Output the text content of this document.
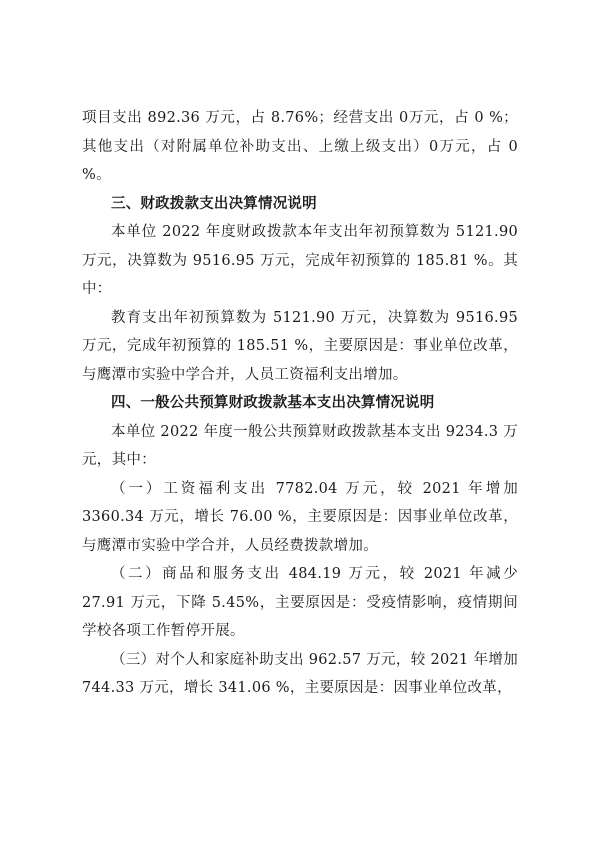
项目支出 892.36 万元，占 8.76%；经营支出 0万元，占 0 %；其他支出（对附属单位补助支出、上缴上级支出）0万元，占 0 %。

三、财政拨款支出决算情况说明

本单位 2022 年度财政拨款本年支出年初预算数为 5121.90 万元，决算数为 9516.95 万元，完成年初预算的 185.81 %。其中：

教育支出年初预算数为 5121.90 万元，决算数为 9516.95 万元，完成年初预算的 185.51 %，主要原因是：事业单位改革，与鹰潭市实验中学合并，人员工资福利支出增加。

四、一般公共预算财政拨款基本支出决算情况说明

本单位 2022 年度一般公共预算财政拨款基本支出 9234.3 万元，其中：

（一）工资福利支出 7782.04 万元，较 2021 年增加 3360.34 万元，增长 76.00 %，主要原因是：因事业单位改革，与鹰潭市实验中学合并，人员经费拨款增加。

（二）商品和服务支出 484.19 万元，较 2021 年减少 27.91 万元，下降 5.45%，主要原因是：受疫情影响，疫情期间学校各项工作暂停开展。

（三）对个人和家庭补助支出 962.57 万元，较 2021 年增加 744.33 万元，增长 341.06 %，主要原因是：因事业单位改革，
